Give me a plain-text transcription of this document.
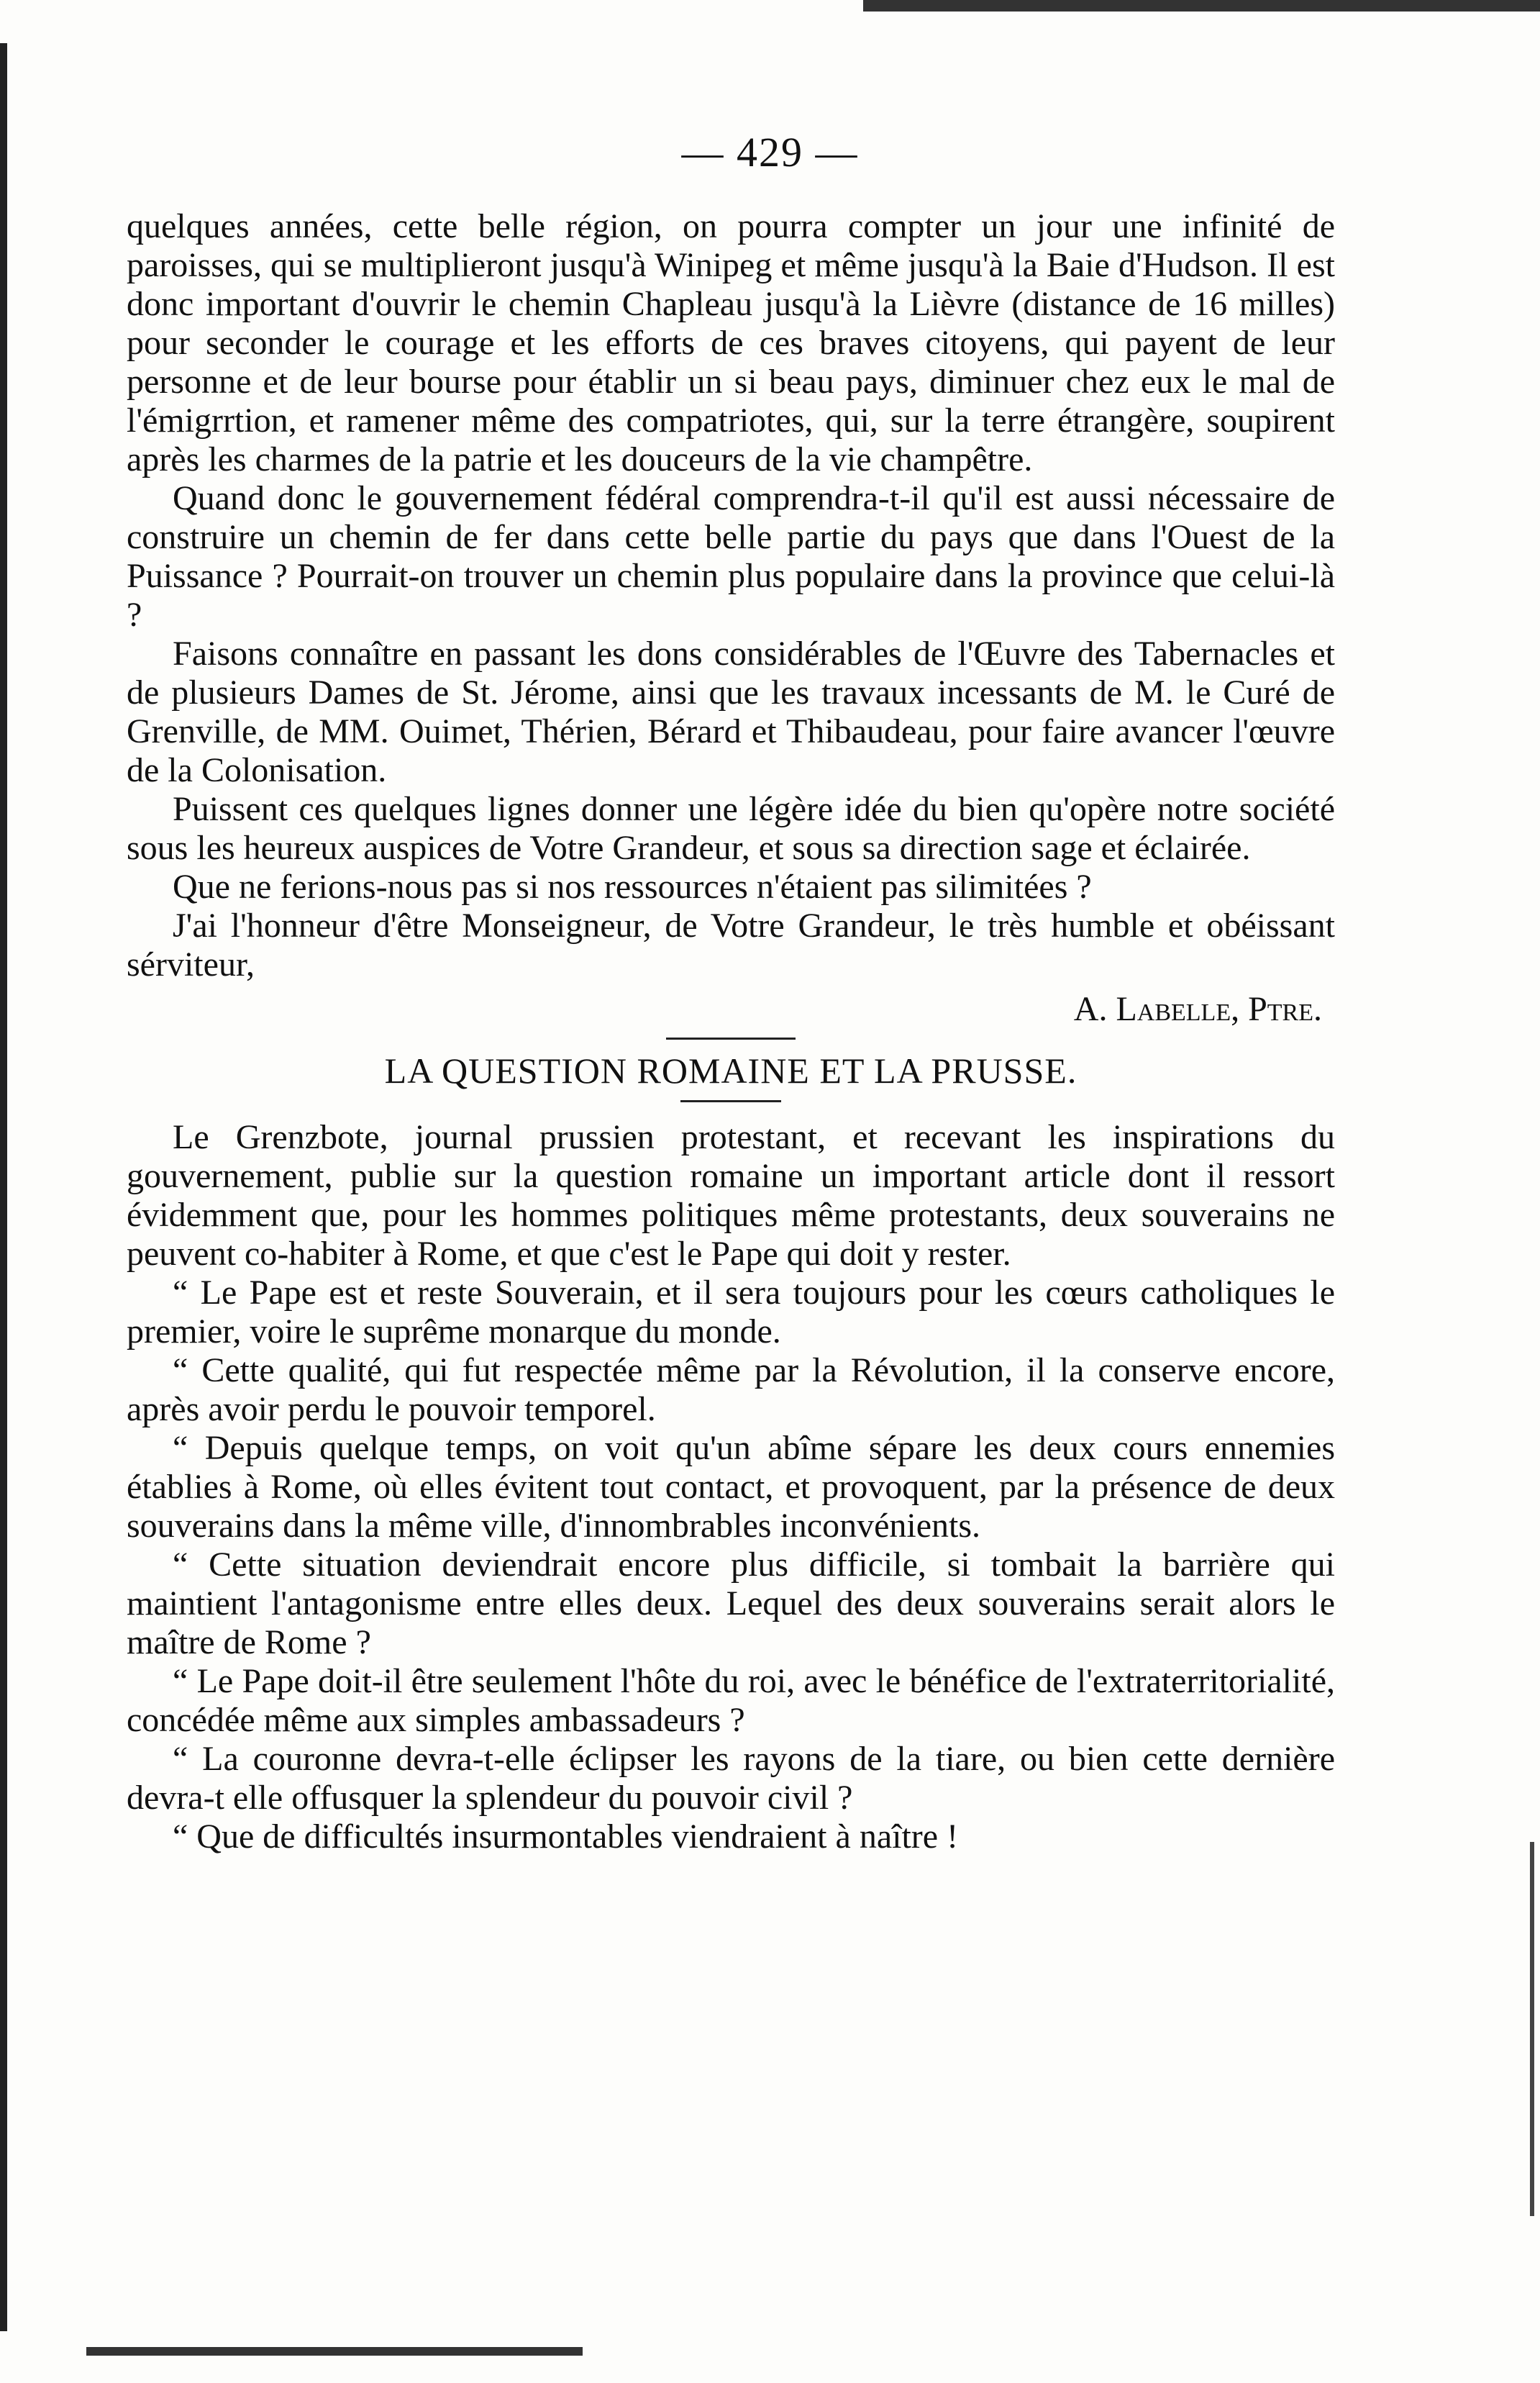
— 429 —

quelques années, cette belle région, on pourra compter un jour une infinité de paroisses, qui se multiplieront jusqu'à Winipeg et même jusqu'à la Baie d'Hudson. Il est donc important d'ouvrir le chemin Chapleau jusqu'à la Lièvre (distance de 16 milles) pour seconder le courage et les efforts de ces braves citoyens, qui payent de leur personne et de leur bourse pour établir un si beau pays, diminuer chez eux le mal de l'émigrrtion, et ramener même des compatriotes, qui, sur la terre étrangère, soupirent après les charmes de la patrie et les douceurs de la vie champêtre.

Quand donc le gouvernement fédéral comprendra-t-il qu'il est aussi nécessaire de construire un chemin de fer dans cette belle partie du pays que dans l'Ouest de la Puissance ? Pourrait-on trouver un chemin plus populaire dans la province que celui-là ?

Faisons connaître en passant les dons considérables de l'Œuvre des Tabernacles et de plusieurs Dames de St. Jérome, ainsi que les travaux incessants de M. le Curé de Grenville, de MM. Ouimet, Thérien, Bérard et Thibaudeau, pour faire avancer l'œuvre de la Colonisation.

Puissent ces quelques lignes donner une légère idée du bien qu'opère notre société sous les heureux auspices de Votre Grandeur, et sous sa direction sage et éclairée.

Que ne ferions-nous pas si nos ressources n'étaient pas silimitées ?

J'ai l'honneur d'être Monseigneur, de Votre Grandeur, le très humble et obéissant sérviteur,

A. Labelle, Ptre.

LA QUESTION ROMAINE ET LA PRUSSE.

Le Grenzbote, journal prussien protestant, et recevant les inspirations du gouvernement, publie sur la question romaine un important article dont il ressort évidemment que, pour les hommes politiques même protestants, deux souverains ne peuvent co-habiter à Rome, et que c'est le Pape qui doit y rester.

“ Le Pape est et reste Souverain, et il sera toujours pour les cœurs catholiques le premier, voire le suprême monarque du monde.

“ Cette qualité, qui fut respectée même par la Révolution, il la conserve encore, après avoir perdu le pouvoir temporel.

“ Depuis quelque temps, on voit qu'un abîme sépare les deux cours ennemies établies à Rome, où elles évitent tout contact, et provoquent, par la présence de deux souverains dans la même ville, d'innombrables inconvénients.

“ Cette situation deviendrait encore plus difficile, si tombait la barrière qui maintient l'antagonisme entre elles deux. Lequel des deux souverains serait alors le maître de Rome ?

“ Le Pape doit-il être seulement l'hôte du roi, avec le bénéfice de l'extraterritorialité, concédée même aux simples ambassadeurs ?

“ La couronne devra-t-elle éclipser les rayons de la tiare, ou bien cette dernière devra-t elle offusquer la splendeur du pouvoir civil ?

“ Que de difficultés insurmontables viendraient à naître !
